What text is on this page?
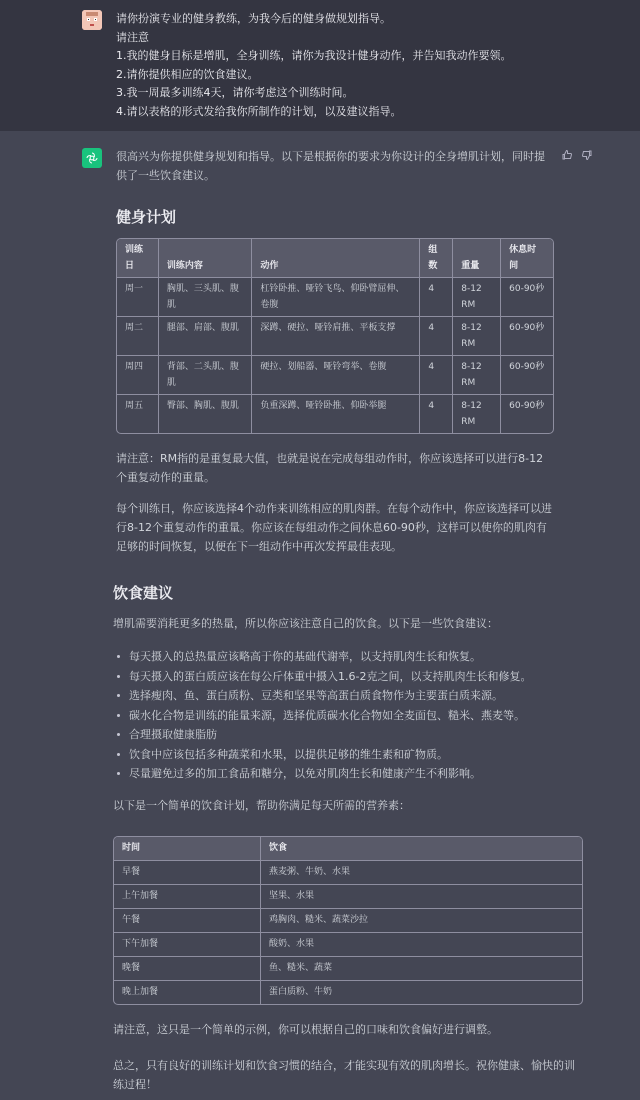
请你扮演专业的健身教练，为我今后的健身做规划指导。
请注意
1.我的健身目标是增肌，全身训练，请你为我设计健身动作，并告知我动作要领。
2.请你提供相应的饮食建议。
3.我一周最多训练4天，请你考虑这个训练时间。
4.请以表格的形式发给我你所制作的计划，以及建议指导。
很高兴为你提供健身规划和指导。以下是根据你的要求为你设计的全身增肌计划，同时提供了一些饮食建议。
健身计划
训练日	训练内容	动作	组数	重量	休息时间
周一	胸肌、三头肌、腹肌	杠铃卧推、哑铃飞鸟、仰卧臂屈伸、卷腹	4	8-12 RM	60-90秒
周二	腿部、肩部、腹肌	深蹲、硬拉、哑铃肩推、平板支撑	4	8-12 RM	60-90秒
周四	背部、二头肌、腹肌	硬拉、划船器、哑铃弯举、卷腹	4	8-12 RM	60-90秒
周五	臀部、胸肌、腹肌	负重深蹲、哑铃卧推、仰卧举腿	4	8-12 RM	60-90秒
请注意：RM指的是重复最大值，也就是说在完成每组动作时，你应该选择可以进行8-12个重复动作的重量。
每个训练日，你应该选择4个动作来训练相应的肌肉群。在每个动作中，你应该选择可以进行8-12个重复动作的重量。你应该在每组动作之间休息60-90秒，这样可以使你的肌肉有足够的时间恢复，以便在下一组动作中再次发挥最佳表现。
饮食建议
增肌需要消耗更多的热量，所以你应该注意自己的饮食。以下是一些饮食建议：
每天摄入的总热量应该略高于你的基础代谢率，以支持肌肉生长和恢复。
每天摄入的蛋白质应该在每公斤体重中摄入1.6-2克之间，以支持肌肉生长和修复。
选择瘦肉、鱼、蛋白质粉、豆类和坚果等高蛋白质食物作为主要蛋白质来源。
碳水化合物是训练的能量来源，选择优质碳水化合物如全麦面包、糙米、燕麦等。
合理摄取健康脂肪
饮食中应该包括多种蔬菜和水果，以提供足够的维生素和矿物质。
尽量避免过多的加工食品和糖分，以免对肌肉生长和健康产生不利影响。
以下是一个简单的饮食计划，帮助你满足每天所需的营养素：
时间	饮食
早餐	燕麦粥、牛奶、水果
上午加餐	坚果、水果
午餐	鸡胸肉、糙米、蔬菜沙拉
下午加餐	酸奶、水果
晚餐	鱼、糙米、蔬菜
晚上加餐	蛋白质粉、牛奶
请注意，这只是一个简单的示例，你可以根据自己的口味和饮食偏好进行调整。
总之，只有良好的训练计划和饮食习惯的结合，才能实现有效的肌肉增长。祝你健康、愉快的训练过程！
